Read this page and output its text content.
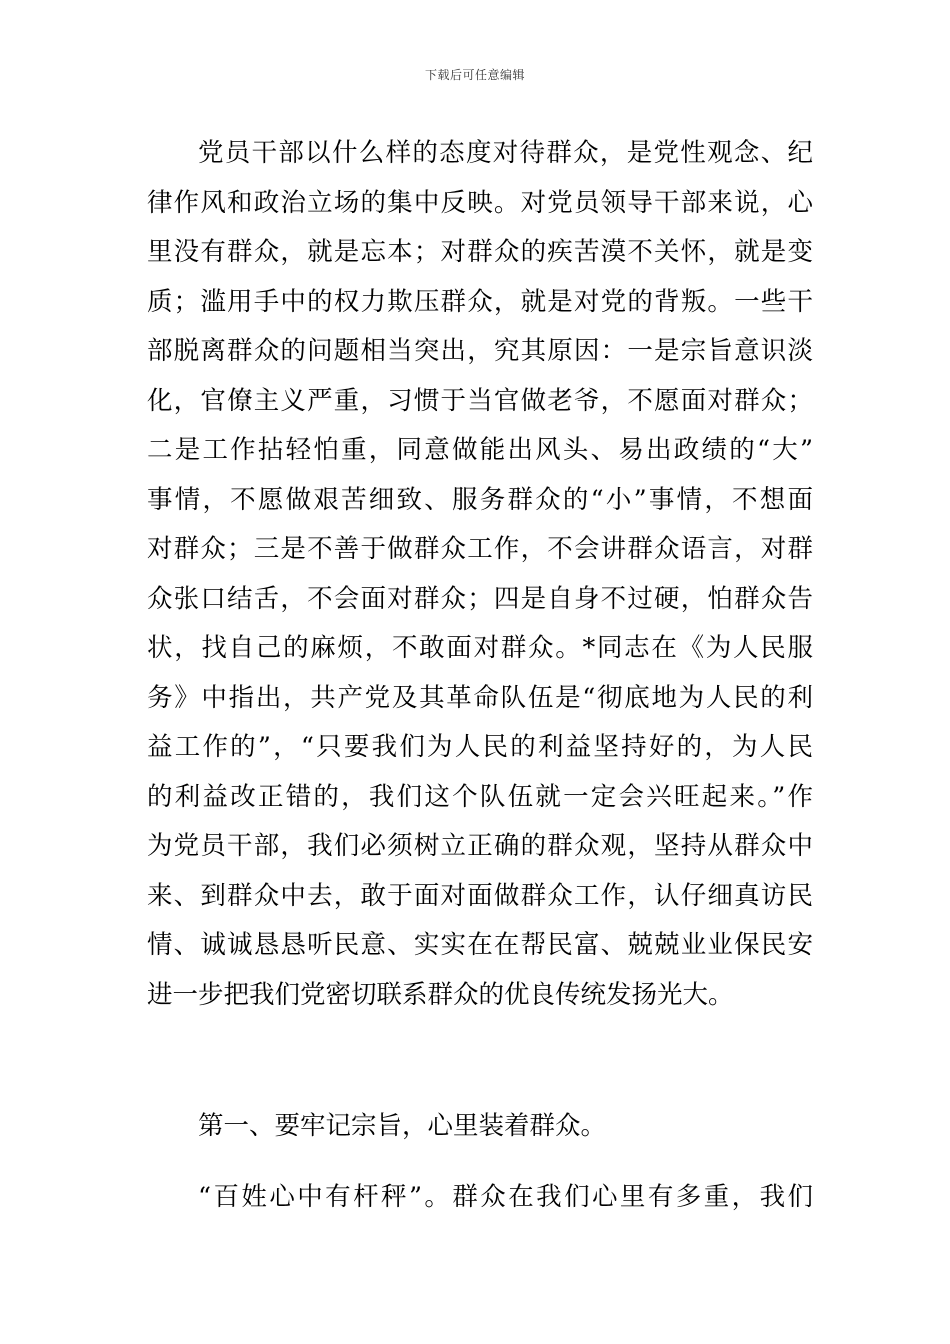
下载后可任意编辑
党员干部以什么样的态度对待群众，是党性观念、纪
律作风和政治立场的集中反映。对党员领导干部来说，心
里没有群众，就是忘本；对群众的疾苦漠不关怀，就是变
质；滥用手中的权力欺压群众，就是对党的背叛。一些干
部脱离群众的问题相当突出，究其原因：一是宗旨意识淡
化，官僚主义严重，习惯于当官做老爷，不愿面对群众；
二是工作拈轻怕重，同意做能出风头、易出政绩的“大”
事情，不愿做艰苦细致、服务群众的“小”事情，不想面
对群众；三是不善于做群众工作，不会讲群众语言，对群
众张口结舌，不会面对群众；四是自身不过硬，怕群众告
状，找自己的麻烦，不敢面对群众。*同志在《为人民服
务》中指出，共产党及其革命队伍是“彻底地为人民的利
益工作的”，“只要我们为人民的利益坚持好的，为人民
的利益改正错的，我们这个队伍就一定会兴旺起来。”作
为党员干部，我们必须树立正确的群众观，坚持从群众中
来、到群众中去，敢于面对面做群众工作，认仔细真访民
情、诚诚恳恳听民意、实实在在帮民富、兢兢业业保民安
进一步把我们党密切联系群众的优良传统发扬光大。
第一、要牢记宗旨，心里装着群众。
“百姓心中有杆秤”。群众在我们心里有多重，我们
